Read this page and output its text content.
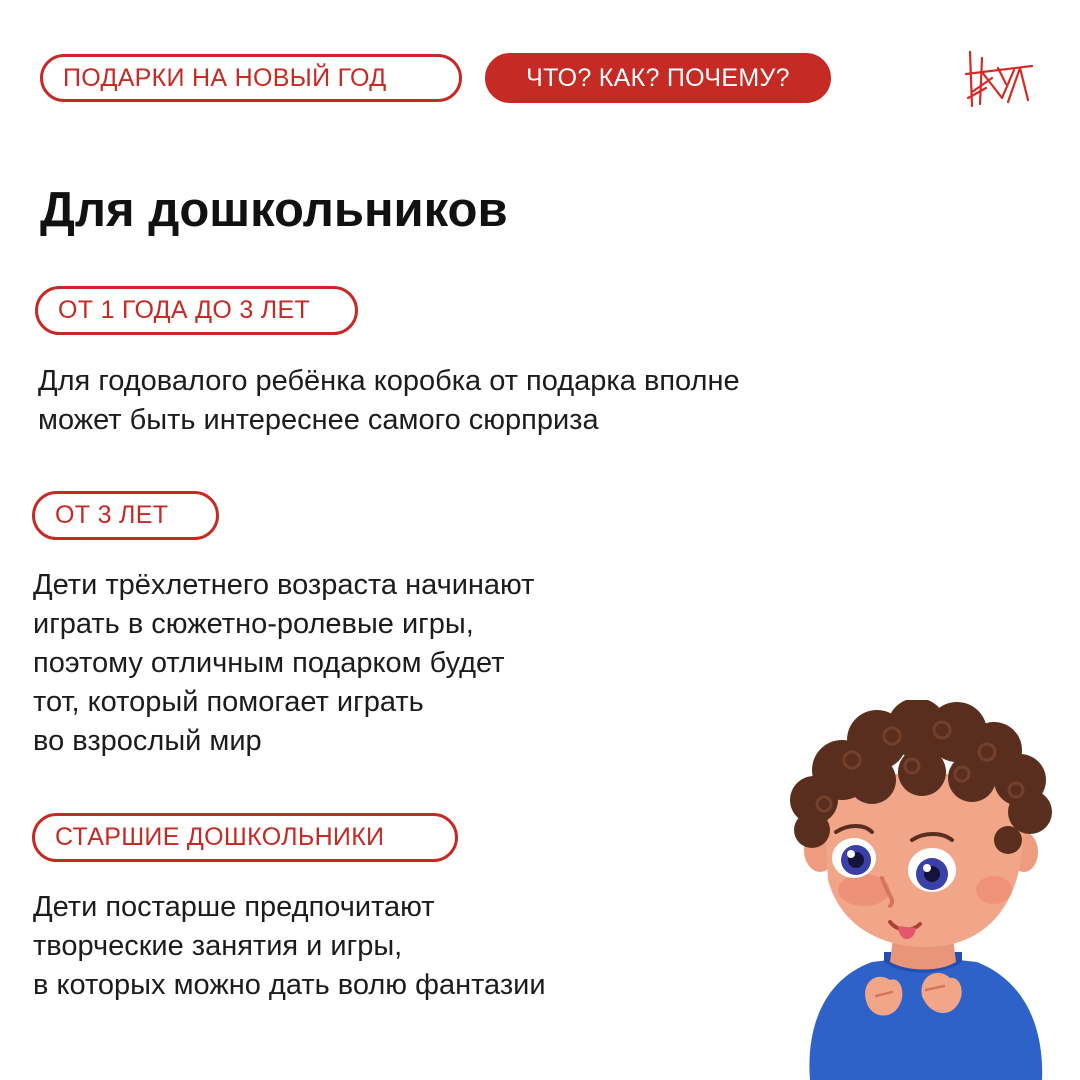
ПОДАРКИ НА НОВЫЙ ГОД	ЧТО? КАК? ПОЧЕМУ?
Для дошкольников
ОТ 1 ГОДА ДО 3 ЛЕТ

Для годовалого ребёнка коробка от подарка вполне
может быть интереснее самого сюрприза

ОТ 3 ЛЕТ

Дети трёхлетнего возраста начинают
играть в сюжетно-ролевые игры,
поэтому отличным подарком будет
тот, который помогает играть
во взрослый мир

СТАРШИЕ ДОШКОЛЬНИКИ

Дети постарше предпочитают
творческие занятия и игры,
в которых можно дать волю фантазии
